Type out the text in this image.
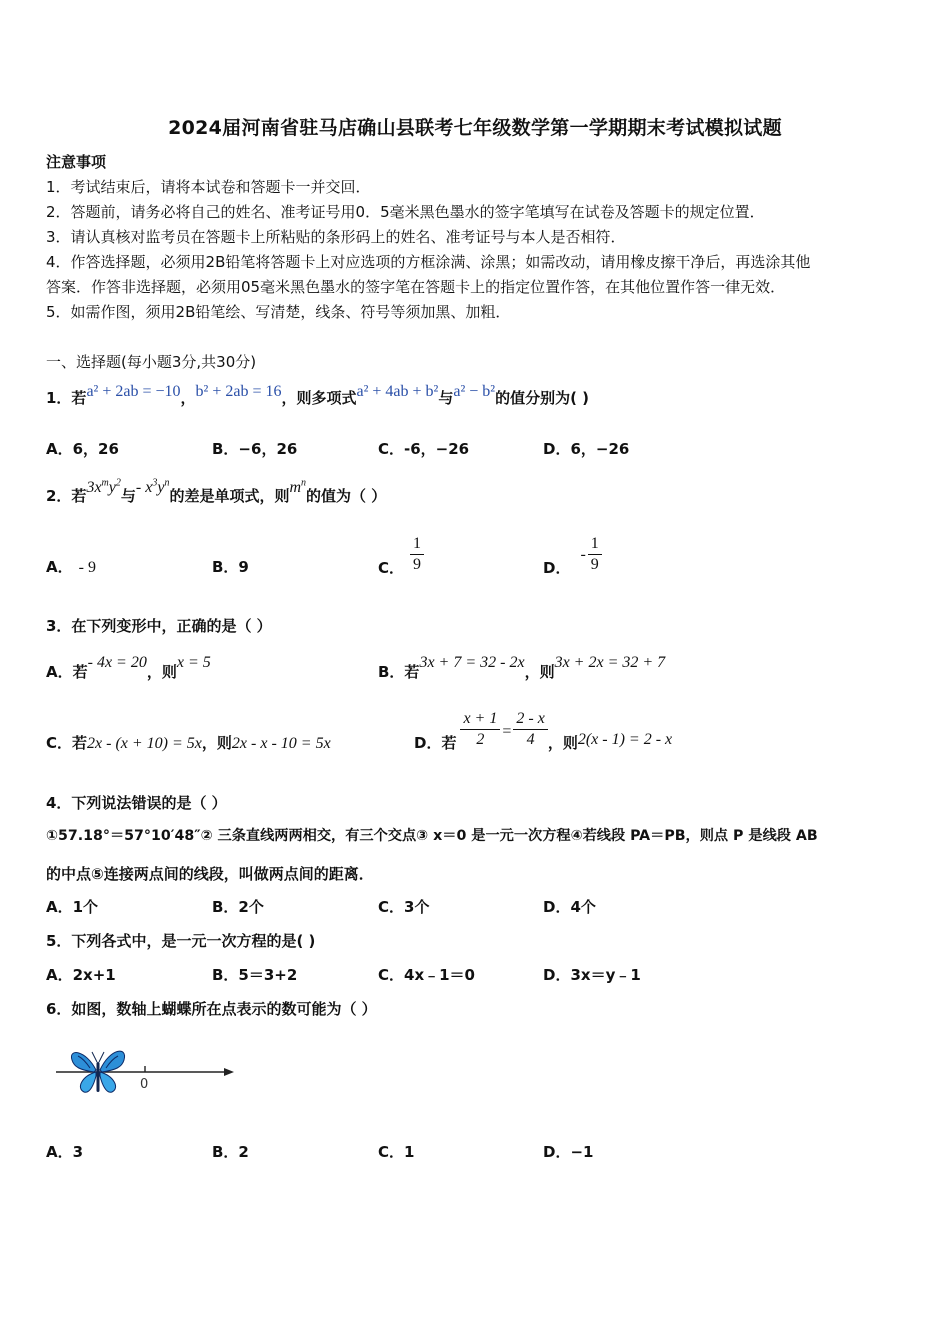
2024届河南省驻马店确山县联考七年级数学第一学期期末考试模拟试题
注意事项
1．考试结束后，请将本试卷和答题卡一并交回．
2．答题前，请务必将自己的姓名、准考证号用0．5毫米黑色墨水的签字笔填写在试卷及答题卡的规定位置．
3．请认真核对监考员在答题卡上所粘贴的条形码上的姓名、准考证号与本人是否相符．
4．作答选择题，必须用2B铅笔将答题卡上对应选项的方框涂满、涂黑；如需改动，请用橡皮擦干净后，再选涂其他
答案．作答非选择题，必须用05毫米黑色墨水的签字笔在答题卡上的指定位置作答，在其他位置作答一律无效．
5．如需作图，须用2B铅笔绘、写清楚，线条、符号等须加黑、加粗．
一、选择题(每小题3分,共30分)
1．若a² + 2ab = −10，b² + 2ab = 16，则多项式a² + 4ab + b²与a² − b²的值分别为( )
A．6，26	B．−6，26	C．-6，−26	D．6，−26
2．若$3x^my^2$与- $x^3y^n$的差是单项式，则$m^n$的值为（ ）
A． - 9	B．9	C． $\frac{1}{9}$	D．- $\frac{1}{9}$
3．在下列变形中，正确的是（ ）
A．若- 4x = 20，则x = 5
B．若3x + 7 = 32 - 2x，则3x + 2x = 32 + 7
C．若2x - (x + 10) = 5x，则2x - x - 10 = 5x	D．若 $\frac{x + 1}{2} = \frac{2 - x}{4}$ ，则2(x - 1) = 2 - x
4．下列说法错误的是（ ）
①57.18°＝57°10′48″② 三条直线两两相交，有三个交点③ x＝0 是一元一次方程④若线段 PA＝PB，则点 P 是线段 AB
的中点⑤连接两点间的线段，叫做两点间的距离．
A．1个	B．2个	C．3个	D．4个
5．下列各式中，是一元一次方程的是( )
A．2x+1	B．5＝3+2	C．4x﹣1＝0	D．3x＝y﹣1
6．如图，数轴上蝴蝶所在点表示的数可能为（ ）
0
A．3	B．2	C．1	D．−1
